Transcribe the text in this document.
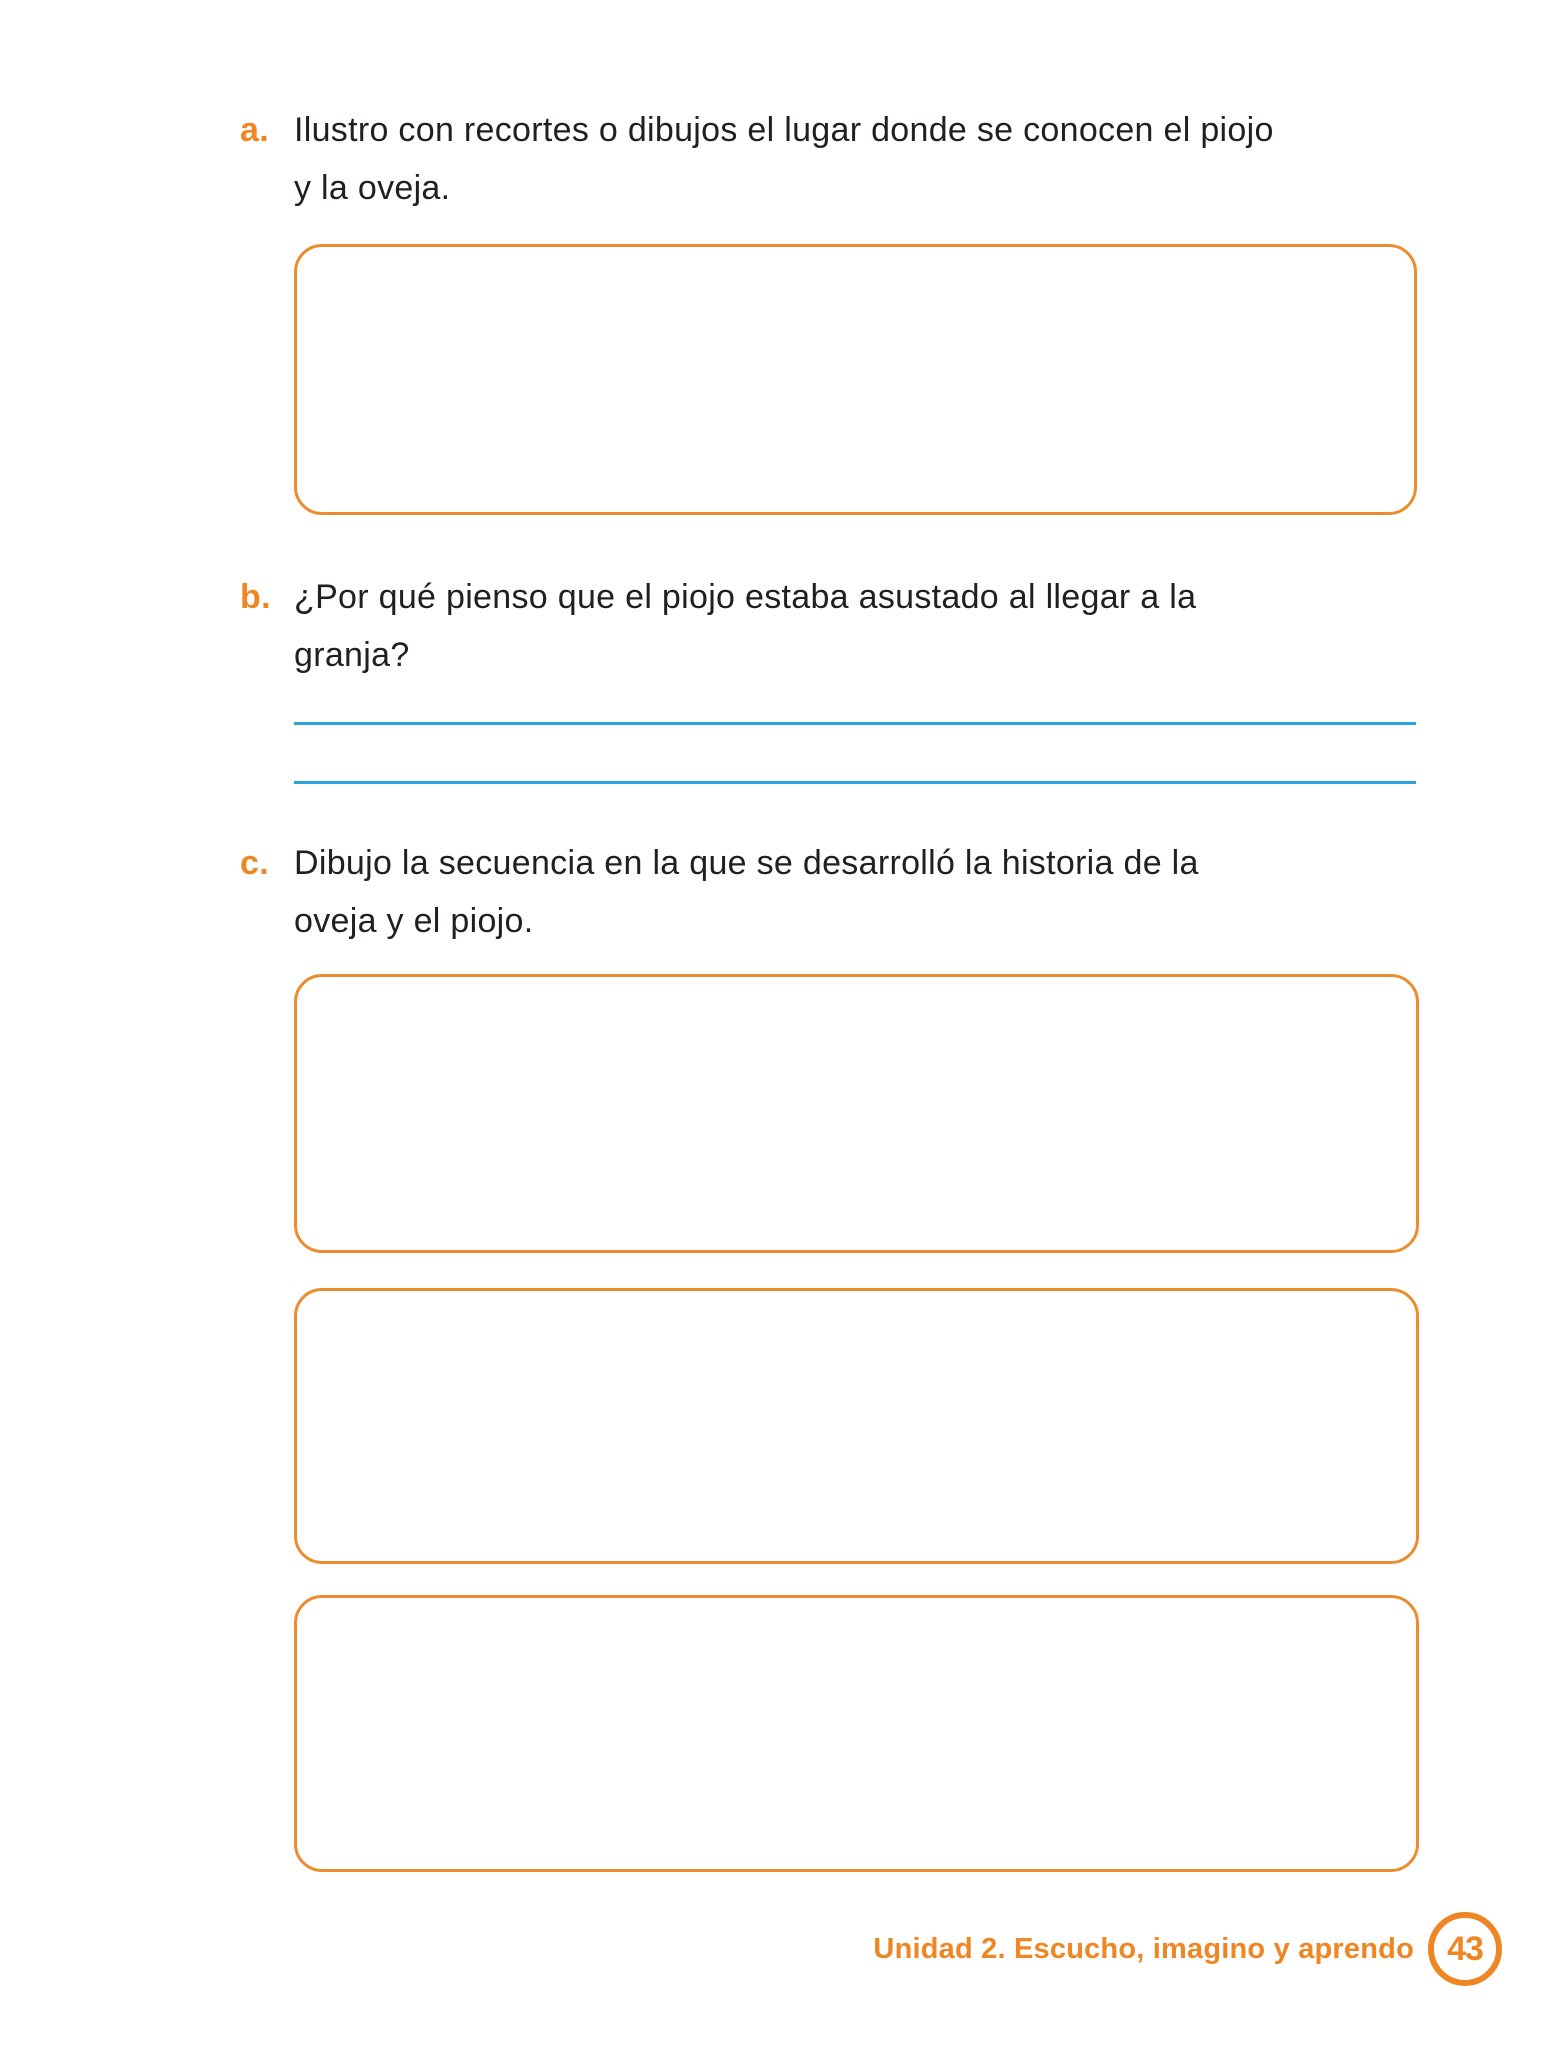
a. Ilustro con recortes o dibujos el lugar donde se conocen el piojo
y la oveja.
b. ¿Por qué pienso que el piojo estaba asustado al llegar a la
granja?
c. Dibujo la secuencia en la que se desarrolló la historia de la
oveja y el piojo.
Unidad 2. Escucho, imagino y aprendo 43
